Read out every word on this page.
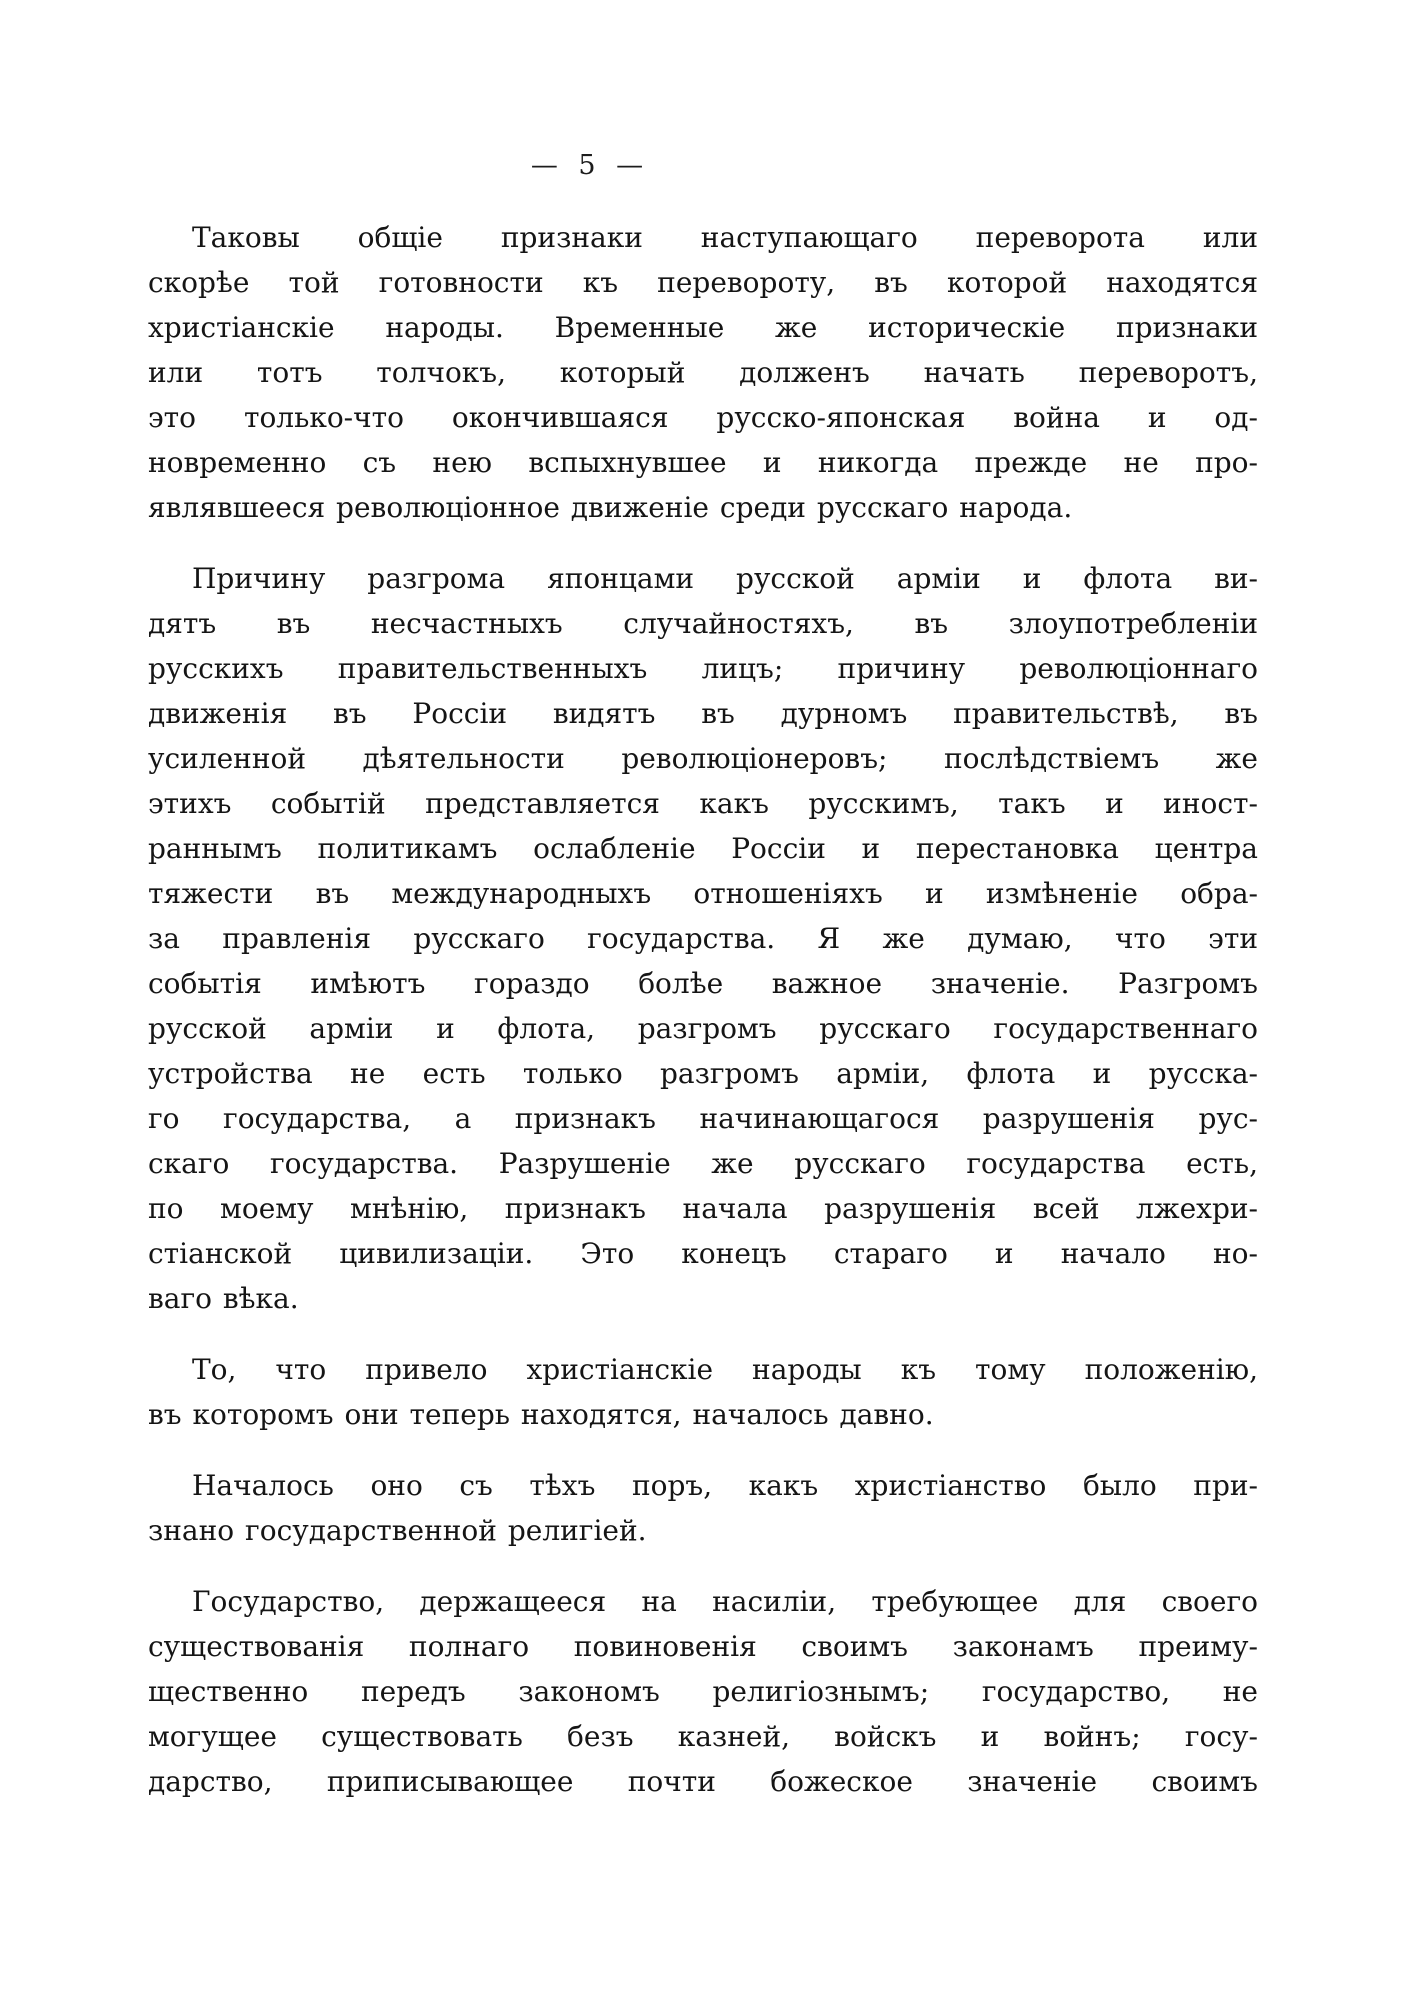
— 5 —

Таковы общіе признаки наступающаго переворота или
скорѣе той готовности къ перевороту, въ которой находятся
христіанскіе народы. Временные же историческіе признаки
или тотъ толчокъ, который долженъ начать переворотъ,
это только-что окончившаяся русско-японская война и од-
новременно съ нею вспыхнувшее и никогда прежде не про-
являвшееся революціонное движеніе среди русскаго народа.

Причину разгрома японцами русской арміи и флота ви-
дятъ въ несчастныхъ случайностяхъ, въ злоупотребленіи
русскихъ правительственныхъ лицъ; причину революціоннаго
движенія въ Россіи видятъ въ дурномъ правительствѣ, въ
усиленной дѣятельности революціонеровъ; послѣдствіемъ же
этихъ событій представляется какъ русскимъ, такъ и иност-
раннымъ политикамъ ослабленіе Россіи и перестановка центра
тяжести въ международныхъ отношеніяхъ и измѣненіе обра-
за правленія русскаго государства. Я же думаю, что эти
событія имѣютъ гораздо болѣе важное значеніе. Разгромъ
русской арміи и флота, разгромъ русскаго государственнаго
устройства не есть только разгромъ арміи, флота и русска-
го государства, а признакъ начинающагося разрушенія рус-
скаго государства. Разрушеніе же русскаго государства есть,
по моему мнѣнію, признакъ начала разрушенія всей лжехри-
стіанской цивилизаціи. Это конецъ стараго и начало но-
ваго вѣка.

То, что привело христіанскіе народы къ тому положенію,
въ которомъ они теперь находятся, началось давно.

Началось оно съ тѣхъ поръ, какъ христіанство было при-
знано государственной религіей.

Государство, держащееся на насиліи, требующее для своего
существованія полнаго повиновенія своимъ законамъ преиму-
щественно передъ закономъ религіознымъ; государство, не
могущее существовать безъ казней, войскъ и войнъ; госу-
дарство, приписывающее почти божеское значеніе своимъ
